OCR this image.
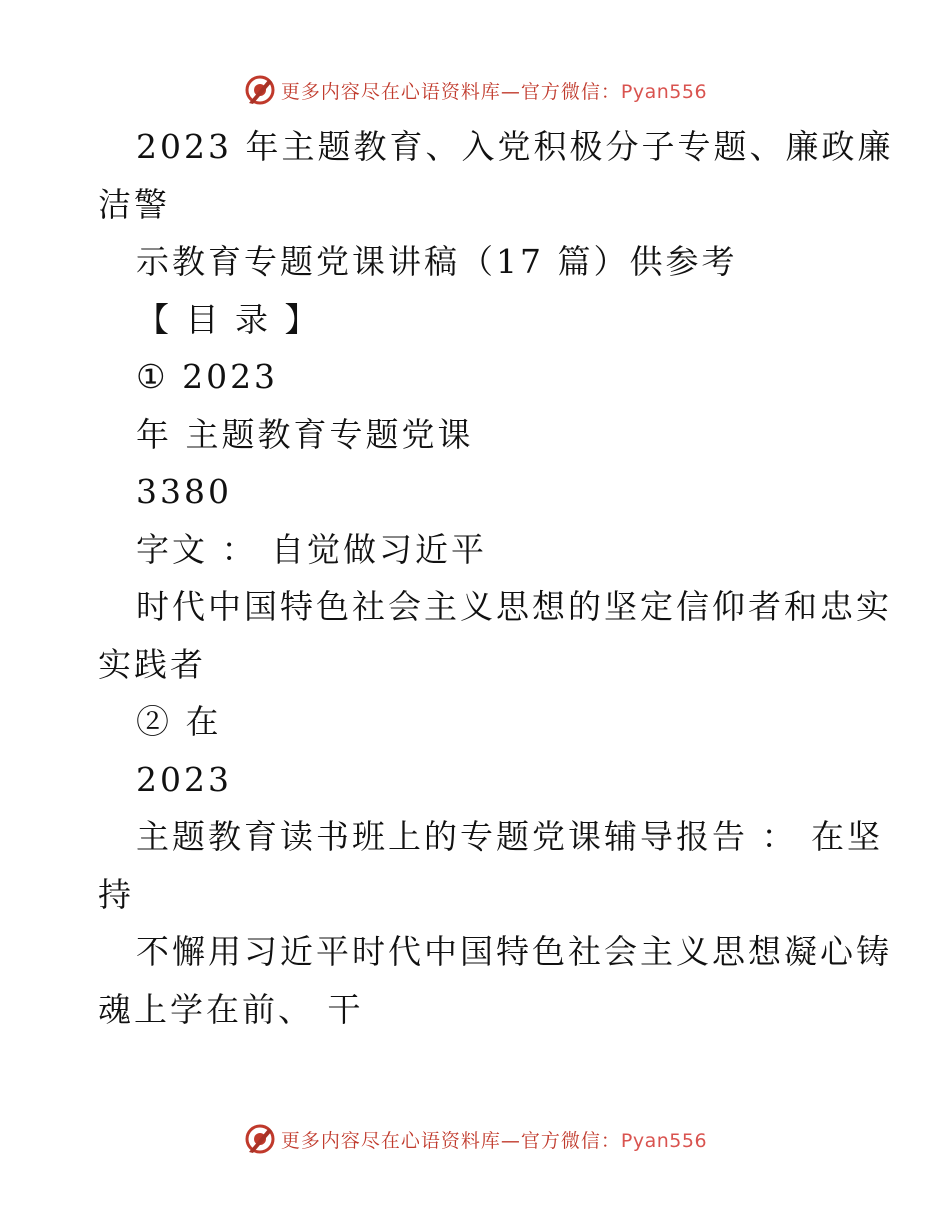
更多内容尽在心语资料库—官方微信：Pyan556
2023 年主题教育、入党积极分子专题、廉政廉
洁警
示教育专题党课讲稿（17 篇）供参考
【 目 录 】
① 2023
年 主题教育专题党课
3380
字文 ： 自觉做习近平
时代中国特色社会主义思想的坚定信仰者和忠实
实践者
② 在
2023
主题教育读书班上的专题党课辅导报告 ： 在坚
持
不懈用习近平时代中国特色社会主义思想凝心铸
魂上学在前、 干
更多内容尽在心语资料库—官方微信：Pyan556
